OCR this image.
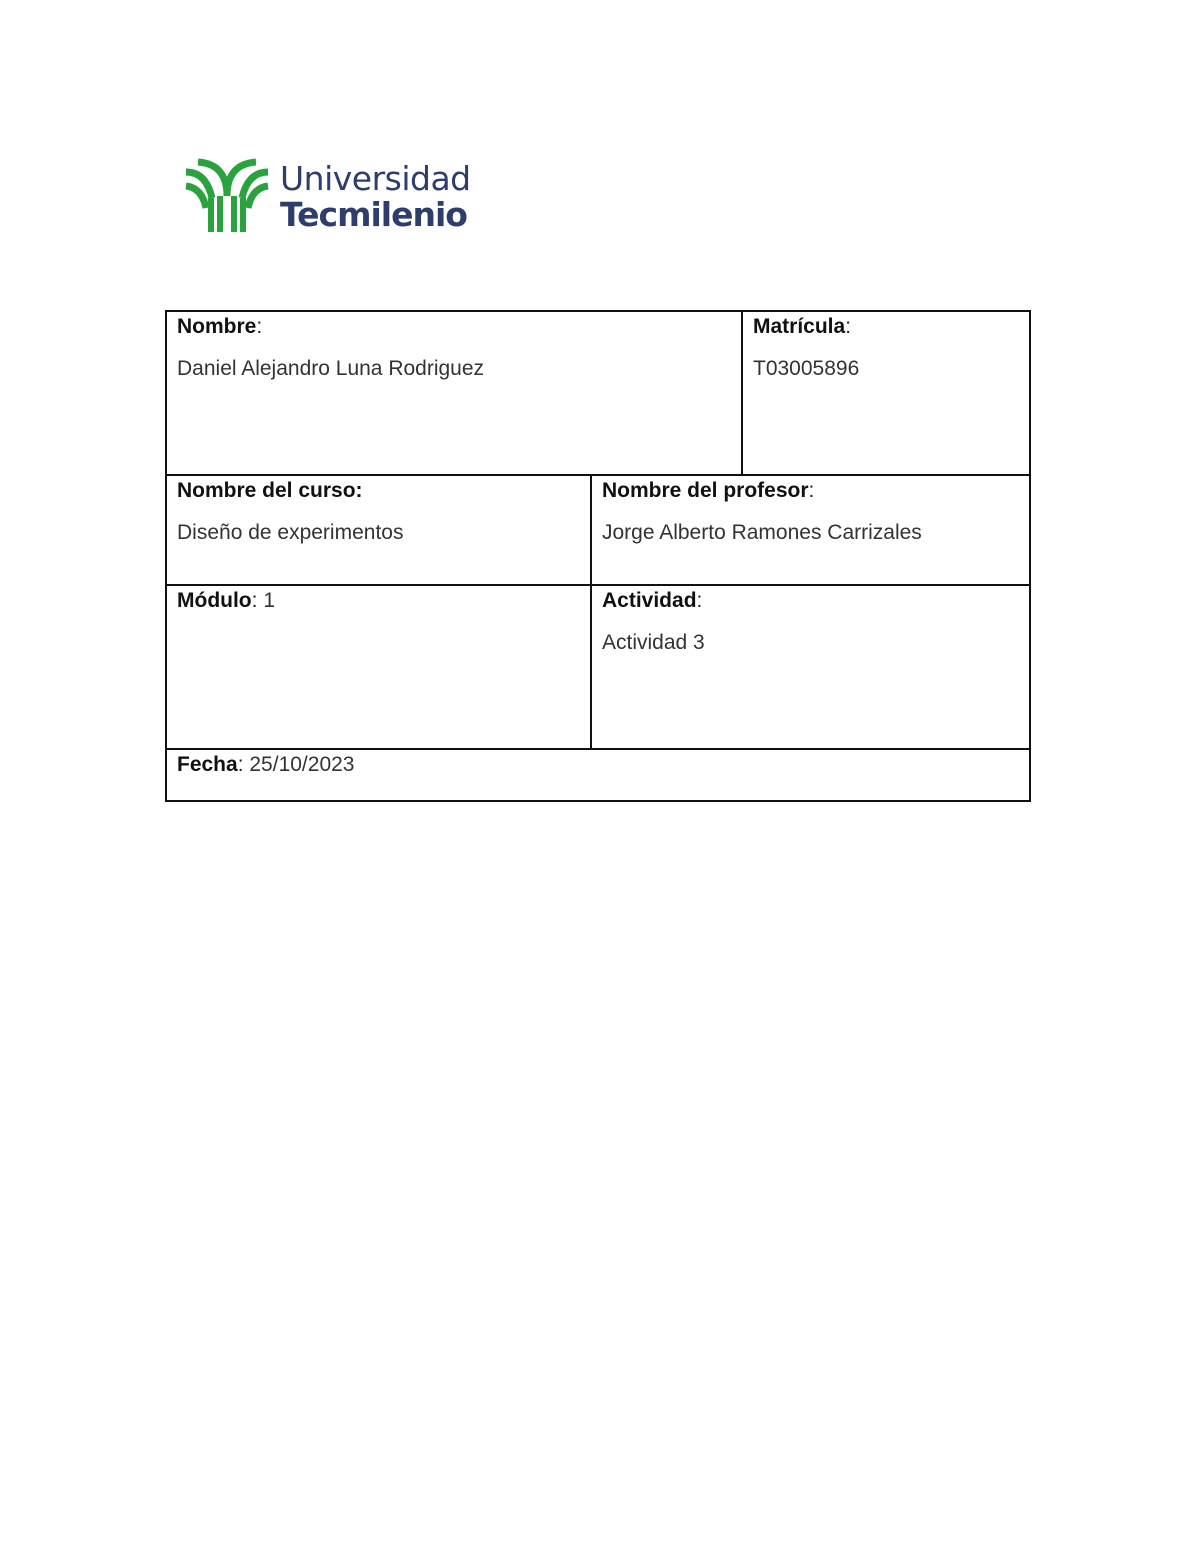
Universidad
Tecmilenio
Nombre:
Daniel Alejandro Luna Rodriguez
Matrícula:
T03005896
Nombre del curso:
Diseño de experimentos
Nombre del profesor:
Jorge Alberto Ramones Carrizales
Módulo: 1	Actividad:
Actividad 3
Fecha: 25/10/2023
